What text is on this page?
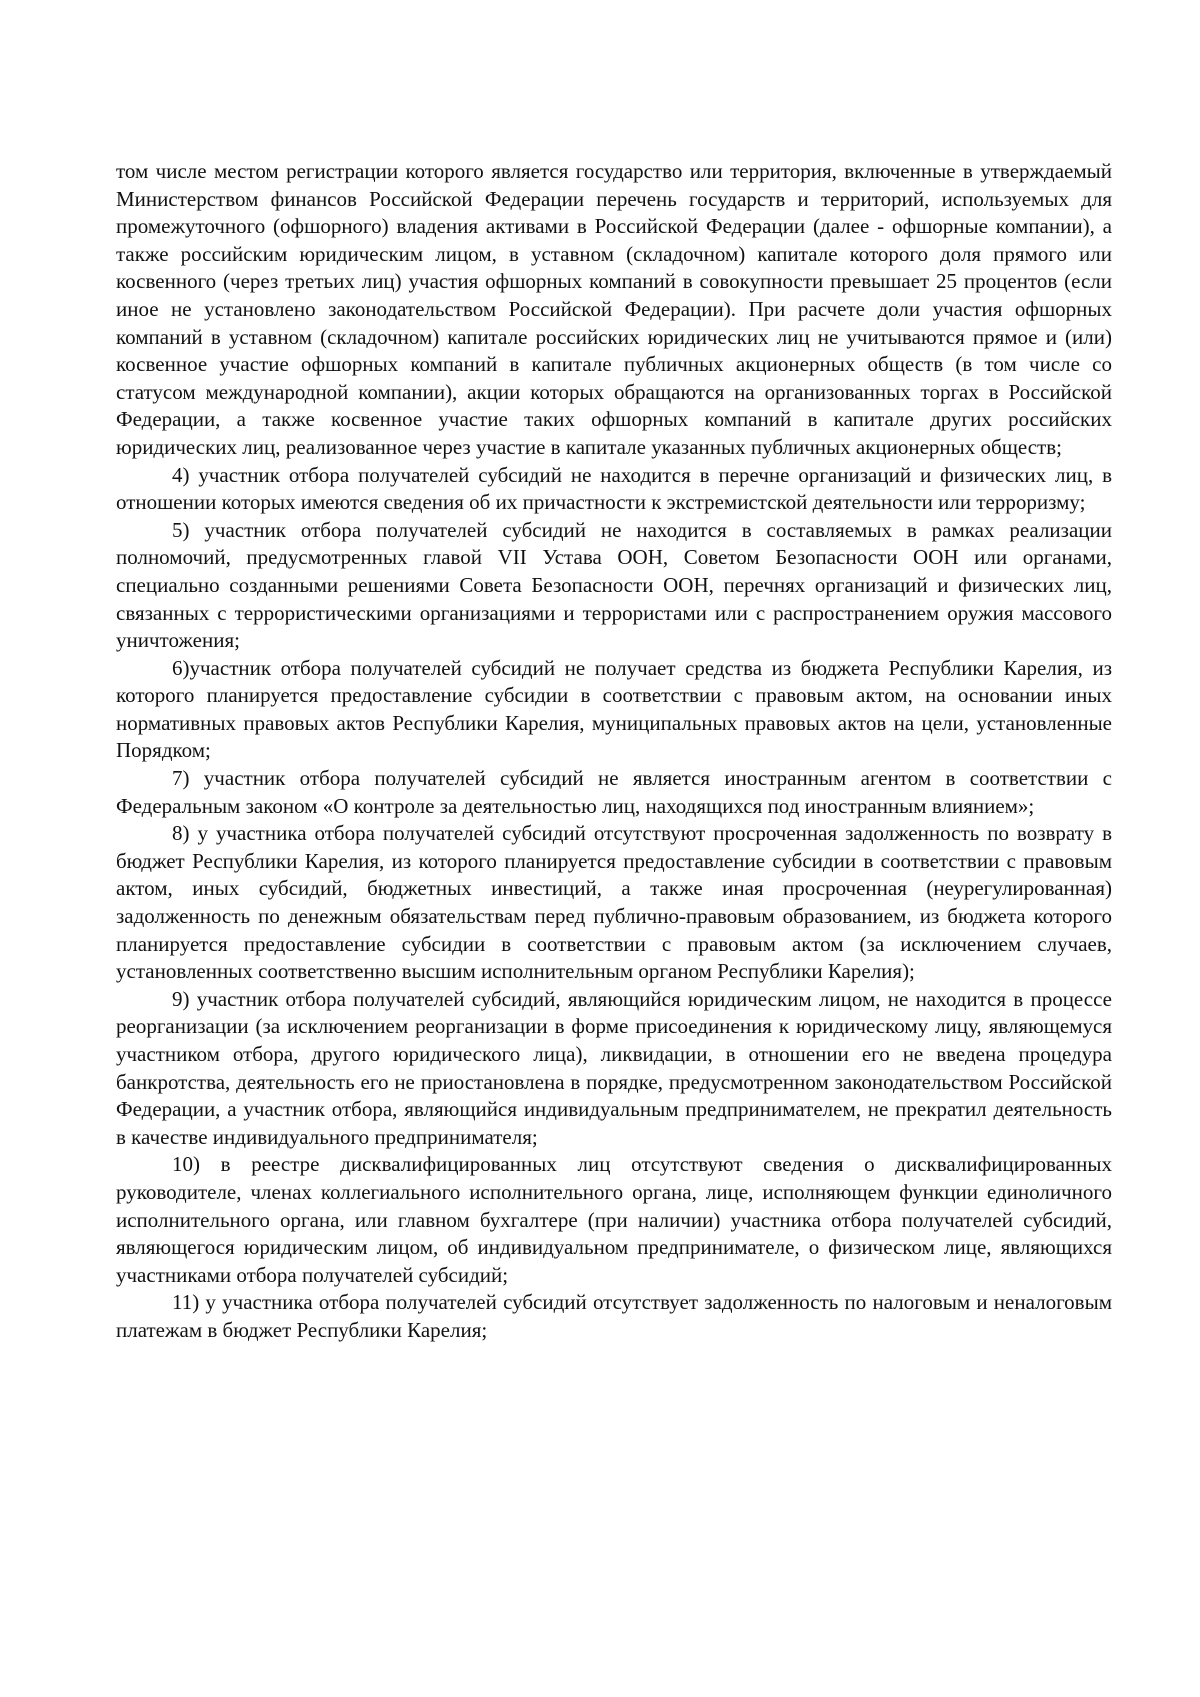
том числе местом регистрации которого является государство или территория, включенные в утверждаемый Министерством финансов Российской Федерации перечень государств и территорий, используемых для промежуточного (офшорного) владения активами в Российской Федерации (далее - офшорные компании), а также российским юридическим лицом, в уставном (складочном) капитале которого доля прямого или косвенного (через третьих лиц) участия офшорных компаний в совокупности превышает 25 процентов (если иное не установлено законодательством Российской Федерации). При расчете доли участия офшорных компаний в уставном (складочном) капитале российских юридических лиц не учитываются прямое и (или) косвенное участие офшорных компаний в капитале публичных акционерных обществ (в том числе со статусом международной компании), акции которых обращаются на организованных торгах в Российской Федерации, а также косвенное участие таких офшорных компаний в капитале других российских юридических лиц, реализованное через участие в капитале указанных публичных акционерных обществ;

4) участник отбора получателей субсидий не находится в перечне организаций и физических лиц, в отношении которых имеются сведения об их причастности к экстремистской деятельности или терроризму;

5) участник отбора получателей субсидий не находится в составляемых в рамках реализации полномочий, предусмотренных главой VII Устава ООН, Советом Безопасности ООН или органами, специально созданными решениями Совета Безопасности ООН, перечнях организаций и физических лиц, связанных с террористическими организациями и террористами или с распространением оружия массового уничтожения;

6)участник отбора получателей субсидий не получает средства из бюджета Республики Карелия, из которого планируется предоставление субсидии в соответствии с правовым актом, на основании иных нормативных правовых актов Республики Карелия, муниципальных правовых актов на цели, установленные Порядком;

7) участник отбора получателей субсидий не является иностранным агентом в соответствии с Федеральным законом «О контроле за деятельностью лиц, находящихся под иностранным влиянием»;

8) у участника отбора получателей субсидий отсутствуют просроченная задолженность по возврату в бюджет Республики Карелия, из которого планируется предоставление субсидии в соответствии с правовым актом, иных субсидий, бюджетных инвестиций, а также иная просроченная (неурегулированная) задолженность по денежным обязательствам перед публично-правовым образованием, из бюджета которого планируется предоставление субсидии в соответствии с правовым актом (за исключением случаев, установленных соответственно высшим исполнительным органом Республики Карелия);

9) участник отбора получателей субсидий, являющийся юридическим лицом, не находится в процессе реорганизации (за исключением реорганизации в форме присоединения к юридическому лицу, являющемуся участником отбора, другого юридического лица), ликвидации, в отношении его не введена процедура банкротства, деятельность его не приостановлена в порядке, предусмотренном законодательством Российской Федерации, а участник отбора, являющийся индивидуальным предпринимателем, не прекратил деятельность в качестве индивидуального предпринимателя;

10) в реестре дисквалифицированных лиц отсутствуют сведения о дисквалифицированных руководителе, членах коллегиального исполнительного органа, лице, исполняющем функции единоличного исполнительного органа, или главном бухгалтере (при наличии) участника отбора получателей субсидий, являющегося юридическим лицом, об индивидуальном предпринимателе, о физическом лице, являющихся участниками отбора получателей субсидий;

11) у участника отбора получателей субсидий отсутствует задолженность по налоговым и неналоговым платежам в бюджет Республики Карелия;
